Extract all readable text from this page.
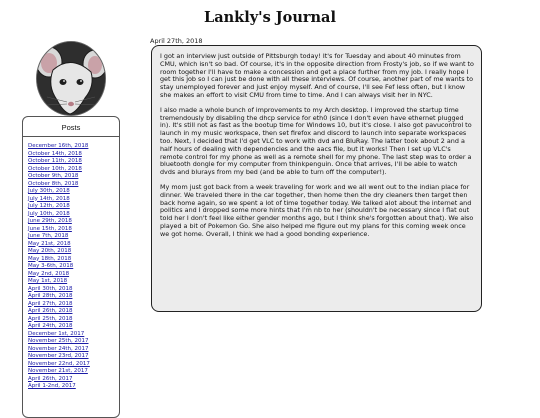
Lankly's Journal
Posts
December 16th, 2018
October 14th, 2018
October 11th, 2018
October 10th, 2018
October 9th, 2018
October 8th, 2018
July 30th, 2018
July 14th, 2018
July 12th, 2018
July 10th, 2018
June 29th, 2018
June 15th, 2018
June 7th, 2018
May 21st, 2018
May 20th, 2018
May 18th, 2018
May 3-6th, 2018
May 2nd, 2018
May 1st, 2018
April 30th, 2018
April 28th, 2018
April 27th, 2018
April 26th, 2018
April 25th, 2018
April 24th, 2018
December 1st, 2017
November 25th, 2017
November 24th, 2017
November 23rd, 2017
November 22nd, 2017
November 21st, 2017
April 26th, 2017
April 1-2nd, 2017
April 27th, 2018

I got an interview just outside of Pittsburgh today! It's for Tuesday and about 40 minutes from CMU, which isn't so bad. Of course, it's in the opposite direction from Frosty's job, so if we want to room together I'll have to make a concession and get a place further from my job. I really hope I get this job so I can just be done with all these interviews. Of course, another part of me wants to stay unemployed forever and just enjoy myself. And of course, I'll see Fef less often, but I know she makes an effort to visit CMU from time to time. And I can always visit her in NYC.

I also made a whole bunch of improvements to my Arch desktop. I improved the startup time tremendously by disabling the dhcp service for eth0 (since I don't even have ethernet plugged in). It's still not as fast as the bootup time for Windows 10, but it's close. I also got pavucontrol to launch in my music workspace, then set firefox and discord to launch into separate workspaces too. Next, I decided that I'd get VLC to work with dvd and BluRay. The latter took about 2 and a half hours of dealing with dependencies and the aacs file, but it works! Then I set up VLC's remote control for my phone as well as a remote shell for my phone. The last step was to order a bluetooth dongle for my computer from thinkpenguin. Once that arrives, I'll be able to watch dvds and blurays from my bed (and be able to turn off the computer!).

My mom just got back from a week traveling for work and we all went out to the indian place for dinner. We traveled there in the car together, then home then the dry cleaners then target then back home again, so we spent a lot of time together today. We talked alot about the internet and politics and I dropped some more hints that I'm nb to her (shouldn't be necessary since I flat out told her I don't feel like either gender months ago, but I think she's forgotten about that). We also played a bit of Pokemon Go. She also helped me figure out my plans for this coming week once we got home. Overall, I think we had a good bonding experience.
